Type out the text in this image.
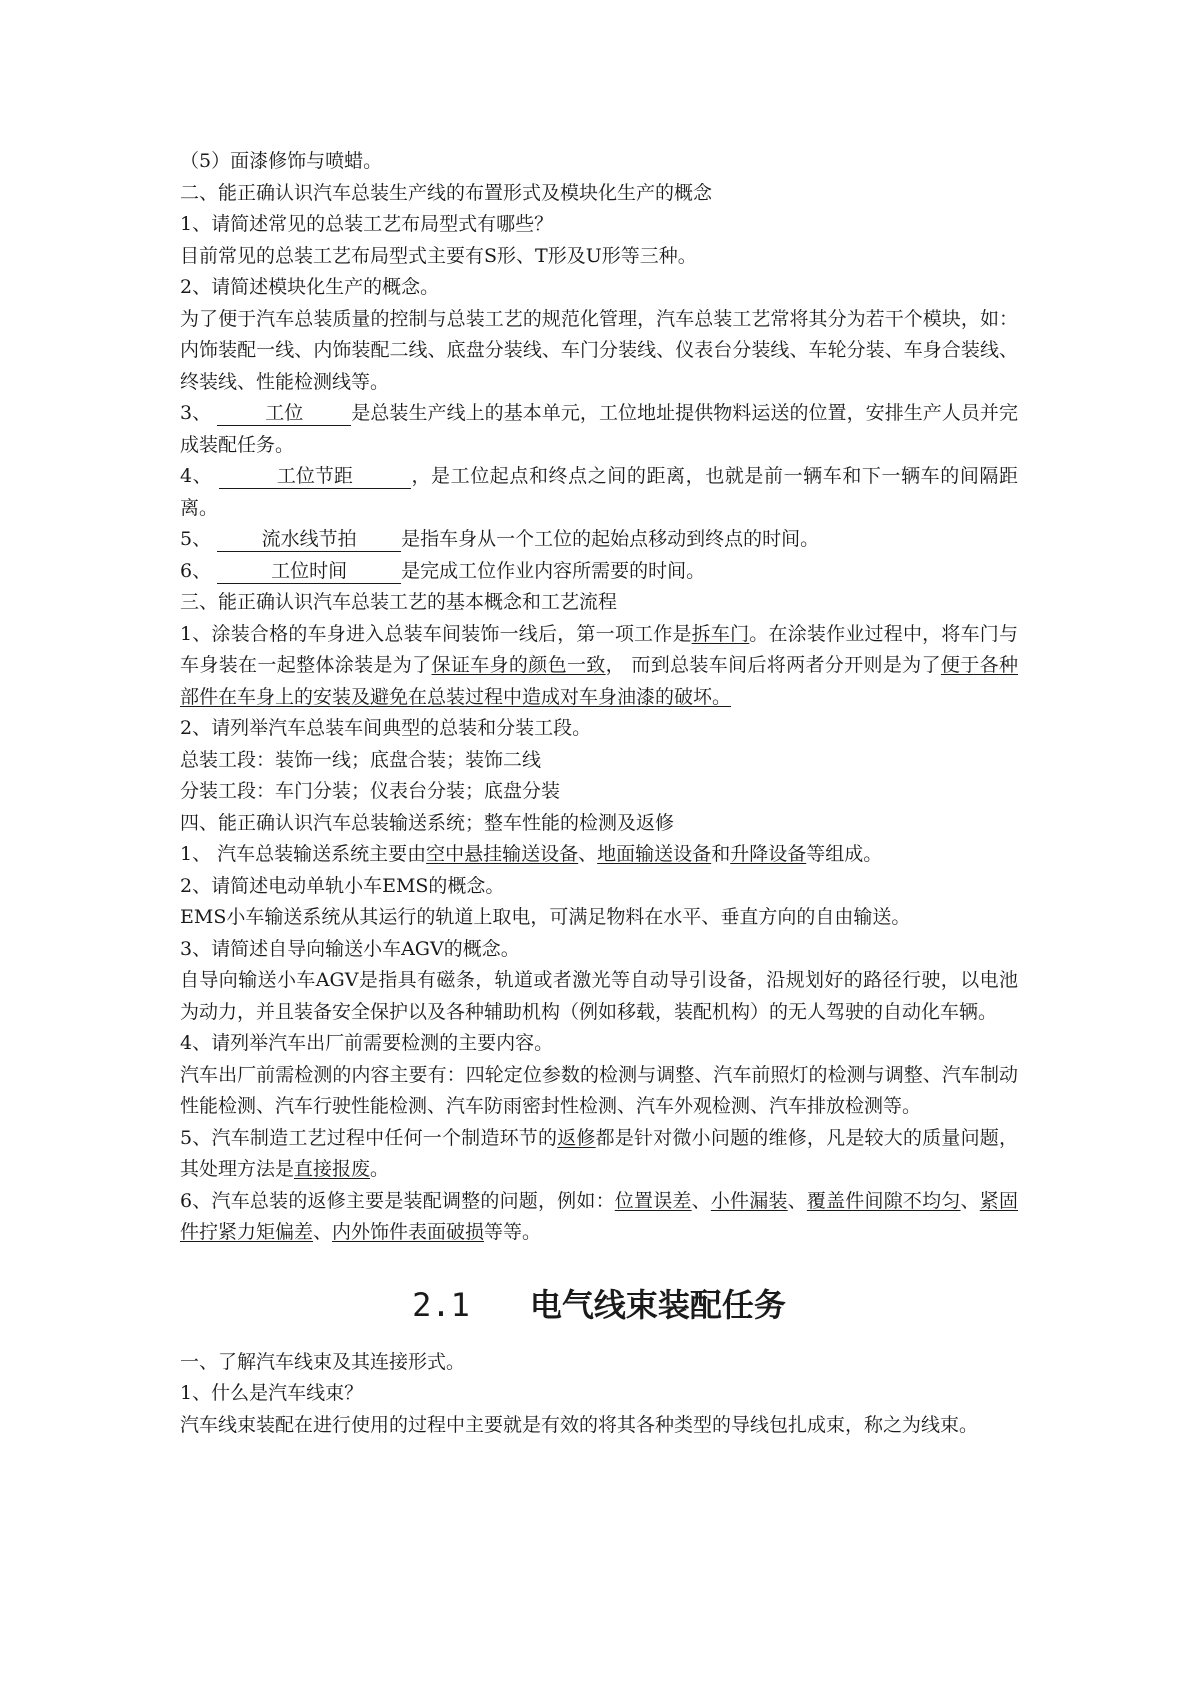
（5）面漆修饰与喷蜡。

二、能正确认识汽车总装生产线的布置形式及模块化生产的概念

1、请简述常见的总装工艺布局型式有哪些？

目前常见的总装工艺布局型式主要有S形、T形及U形等三种。

2、请简述模块化生产的概念。

为了便于汽车总装质量的控制与总装工艺的规范化管理，汽车总装工艺常将其分为若干个模块，如：内饰装配一线、内饰装配二线、底盘分装线、车门分装线、仪表台分装线、车轮分装、车身合装线、终装线、性能检测线等。

3、	工位	是总装生产线上的基本单元，工位地址提供物料运送的位置，安排生产人员并完成装配任务。

4、	工位节距	，是工位起点和终点之间的距离，也就是前一辆车和下一辆车的间隔距离。

5、	流水线节拍 是指车身从一个工位的起始点移动到终点的时间。

6、	工位时间	是完成工位作业内容所需要的时间。

三、能正确认识汽车总装工艺的基本概念和工艺流程

1、涂装合格的车身进入总装车间装饰一线后，第一项工作是拆车门。在涂装作业过程中，将车门与车身装在一起整体涂装是为了保证车身的颜色一致， 而到总装车间后将两者分开则是为了便于各种部件在车身上的安装及避免在总装过程中造成对车身油漆的破坏。

2、请列举汽车总装车间典型的总装和分装工段。

总装工段：装饰一线；底盘合装；装饰二线

分装工段：车门分装；仪表台分装；底盘分装

四、能正确认识汽车总装输送系统；整车性能的检测及返修

1、 汽车总装输送系统主要由空中悬挂输送设备、地面输送设备和升降设备等组成。

2、请简述电动单轨小车EMS的概念。

EMS小车输送系统从其运行的轨道上取电，可满足物料在水平、垂直方向的自由输送。

3、请简述自导向输送小车AGV的概念。

自导向输送小车AGV是指具有磁条，轨道或者激光等自动导引设备，沿规划好的路径行驶，以电池为动力，并且装备安全保护以及各种辅助机构（例如移载，装配机构）的无人驾驶的自动化车辆。

4、请列举汽车出厂前需要检测的主要内容。

汽车出厂前需检测的内容主要有：四轮定位参数的检测与调整、汽车前照灯的检测与调整、汽车制动性能检测、汽车行驶性能检测、汽车防雨密封性检测、汽车外观检测、汽车排放检测等。

5、汽车制造工艺过程中任何一个制造环节的返修都是针对微小问题的维修，凡是较大的质量问题，其处理方法是直接报废。

6、汽车总装的返修主要是装配调整的问题，例如：位置误差、小件漏装、覆盖件间隙不均匀、紧固件拧紧力矩偏差、内外饰件表面破损等等。

2.1 电气线束装配任务

一、了解汽车线束及其连接形式。

1、什么是汽车线束？

汽车线束装配在进行使用的过程中主要就是有效的将其各种类型的导线包扎成束，称之为线束。
